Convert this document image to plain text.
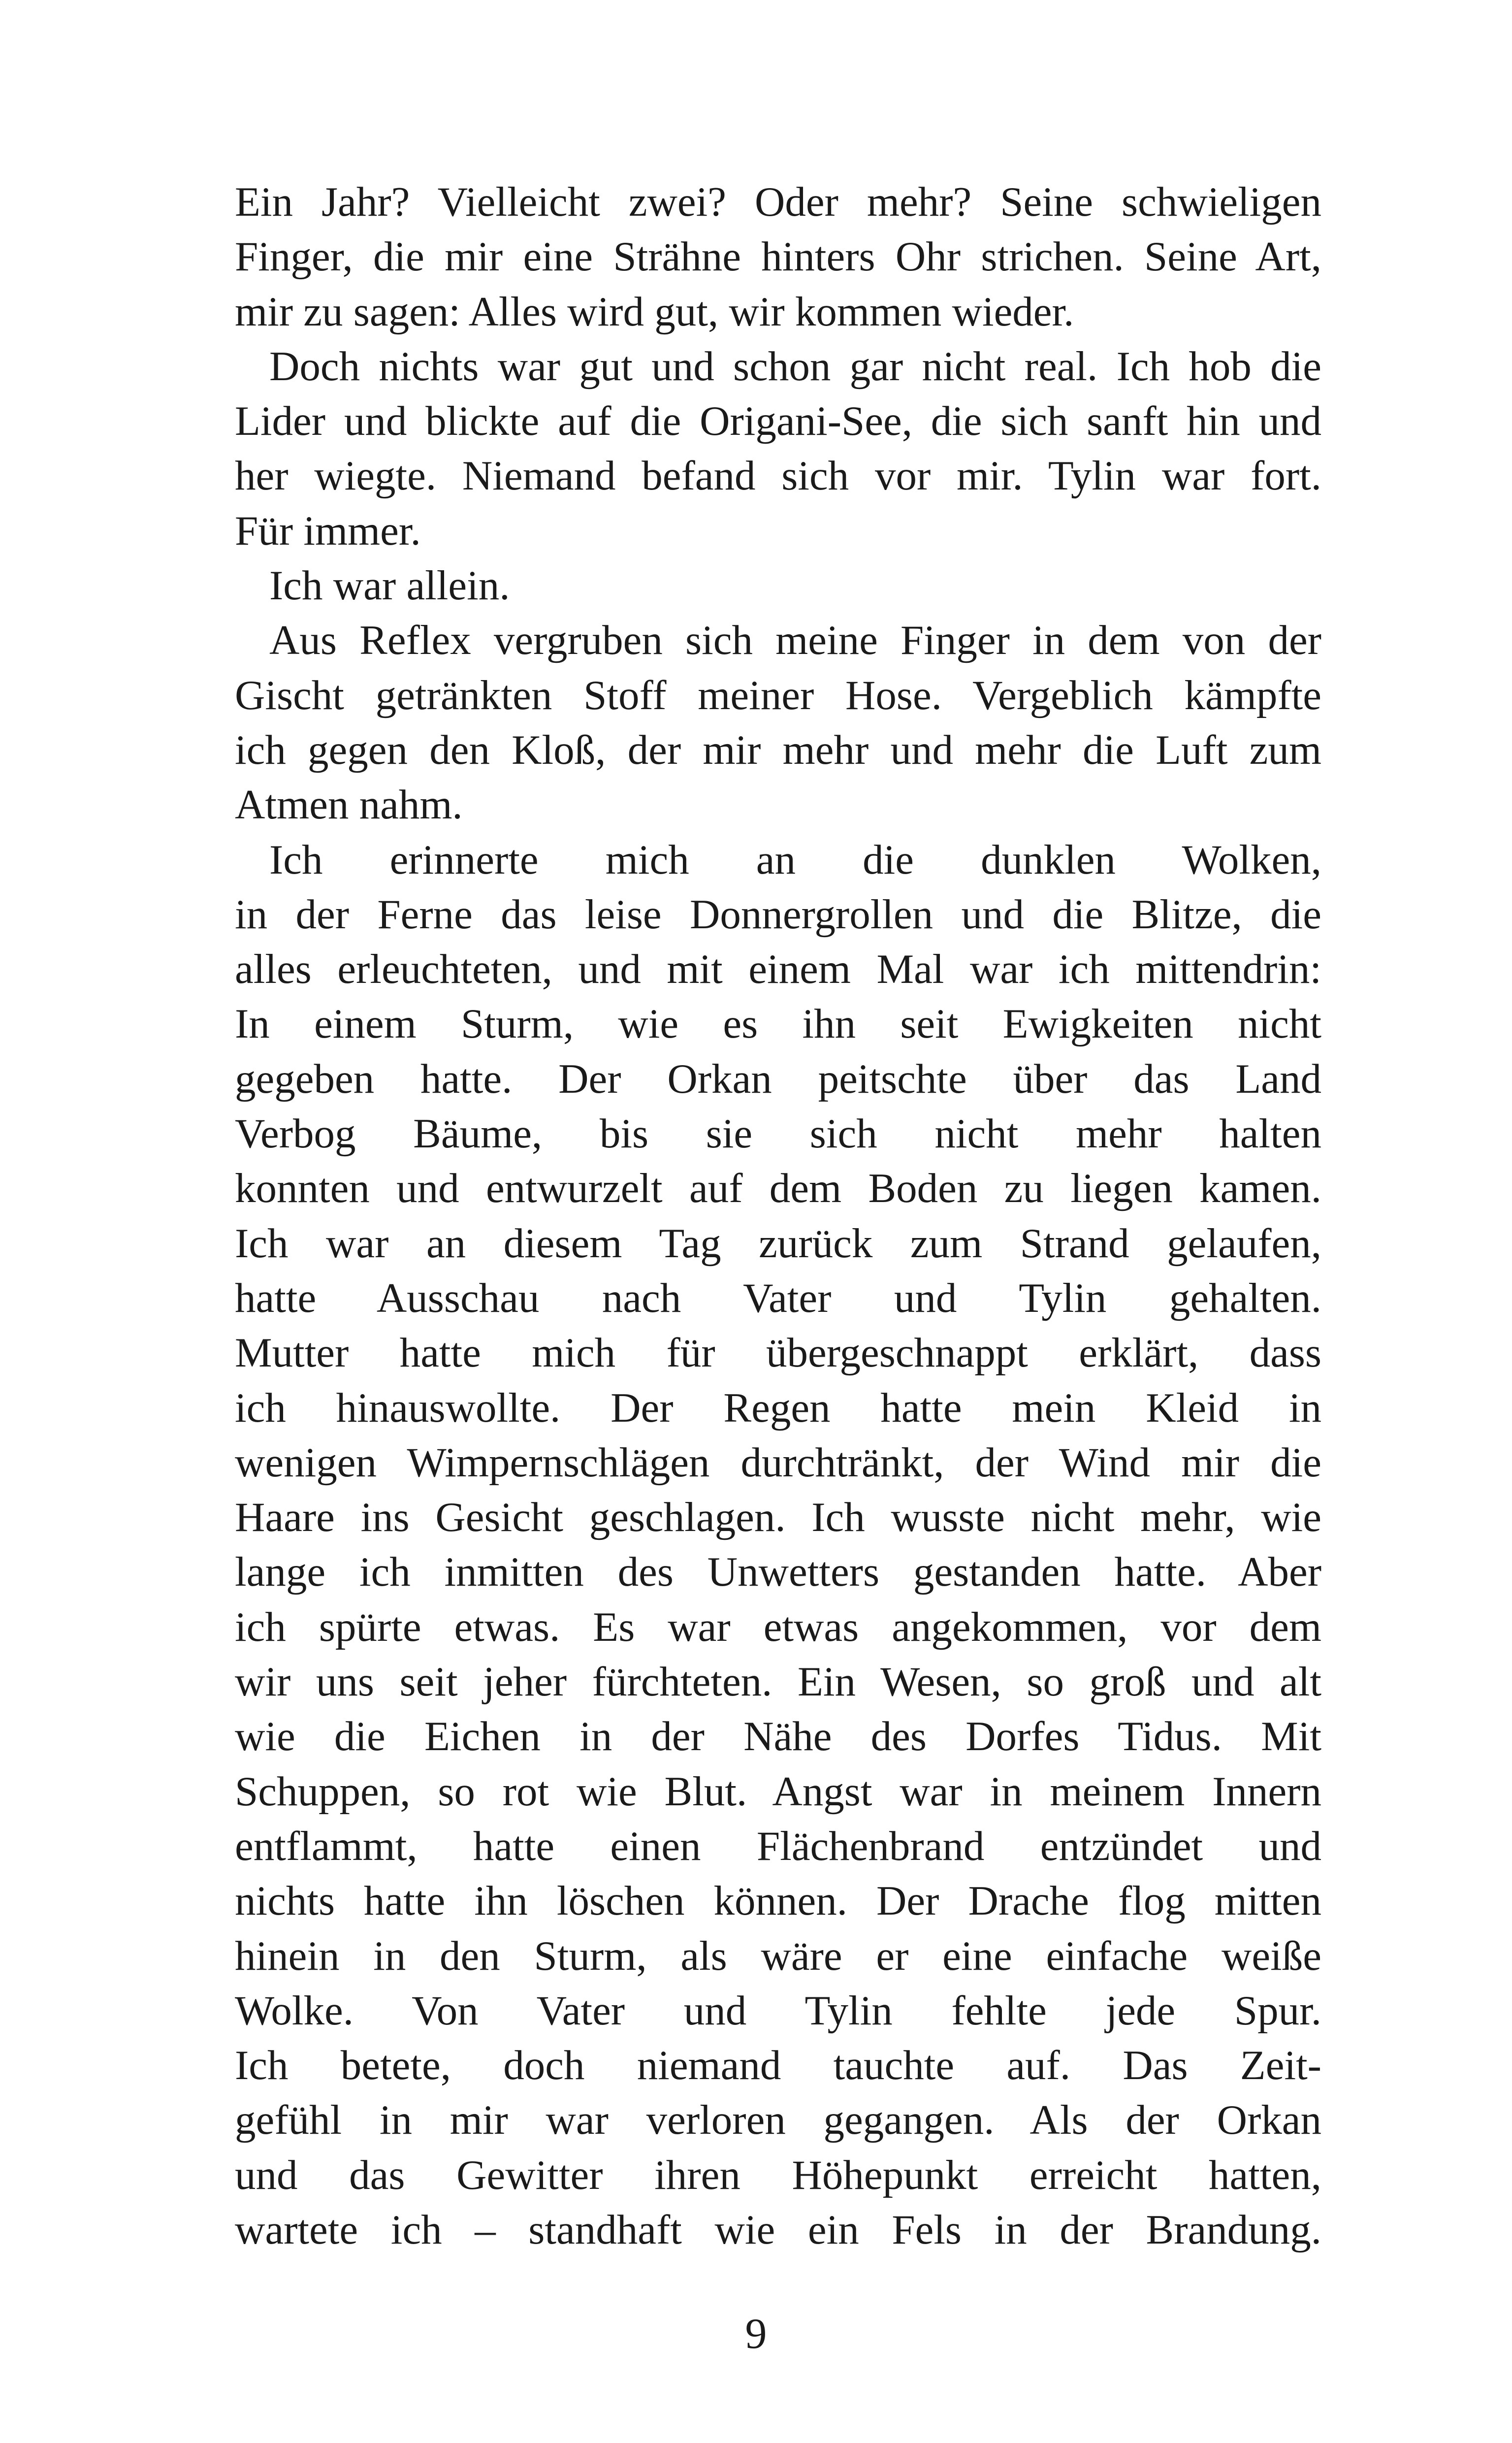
Ein Jahr? Vielleicht zwei? Oder mehr? Seine schwieligen
Finger, die mir eine Strähne hinters Ohr strichen. Seine Art,
mir zu sagen: Alles wird gut, wir kommen wieder.
Doch nichts war gut und schon gar nicht real. Ich hob die
Lider und blickte auf die Origani-See, die sich sanft hin und
her wiegte. Niemand befand sich vor mir. Tylin war fort.
Für immer.
Ich war allein.
Aus Reflex vergruben sich meine Finger in dem von der
Gischt getränkten Stoff meiner Hose. Vergeblich kämpfte
ich gegen den Kloß, der mir mehr und mehr die Luft zum
Atmen nahm.
Ich erinnerte mich an die dunklen Wolken,
in der Ferne das leise Donnergrollen und die Blitze, die
alles erleuchteten, und mit einem Mal war ich mittendrin:
In einem Sturm, wie es ihn seit Ewigkeiten nicht
gegeben hatte. Der Orkan peitschte über das Land
Verbog Bäume, bis sie sich nicht mehr halten
konnten und entwurzelt auf dem Boden zu liegen kamen.
Ich war an diesem Tag zurück zum Strand gelaufen,
hatte Ausschau nach Vater und Tylin gehalten.
Mutter hatte mich für übergeschnappt erklärt, dass
ich hinauswollte. Der Regen hatte mein Kleid in
wenigen Wimpernschlägen durchtränkt, der Wind mir die
Haare ins Gesicht geschlagen. Ich wusste nicht mehr, wie
lange ich inmitten des Unwetters gestanden hatte. Aber
ich spürte etwas. Es war etwas angekommen, vor dem
wir uns seit jeher fürchteten. Ein Wesen, so groß und alt
wie die Eichen in der Nähe des Dorfes Tidus. Mit
Schuppen, so rot wie Blut. Angst war in meinem Innern
entflammt, hatte einen Flächenbrand entzündet und
nichts hatte ihn löschen können. Der Drache flog mitten
hinein in den Sturm, als wäre er eine einfache weiße
Wolke. Von Vater und Tylin fehlte jede Spur.
Ich betete, doch niemand tauchte auf. Das Zeit-
gefühl in mir war verloren gegangen. Als der Orkan
und das Gewitter ihren Höhepunkt erreicht hatten,
wartete ich – standhaft wie ein Fels in der Brandung.
9
